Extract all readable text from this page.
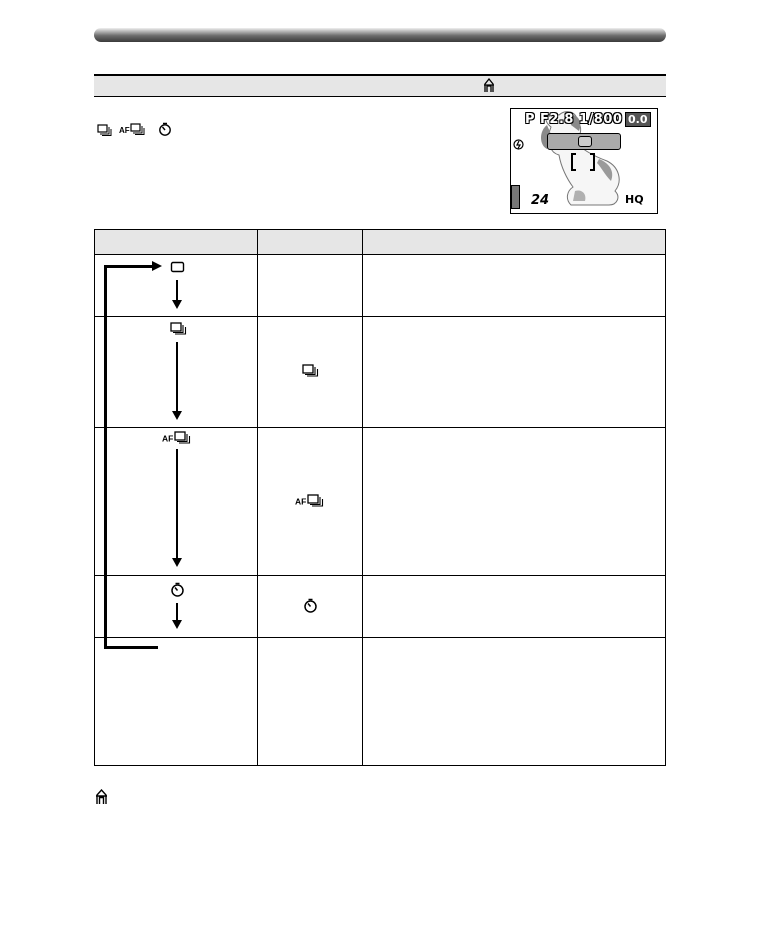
AF
P F2.8 1/800 0.0
24	HQ
AF
AF
